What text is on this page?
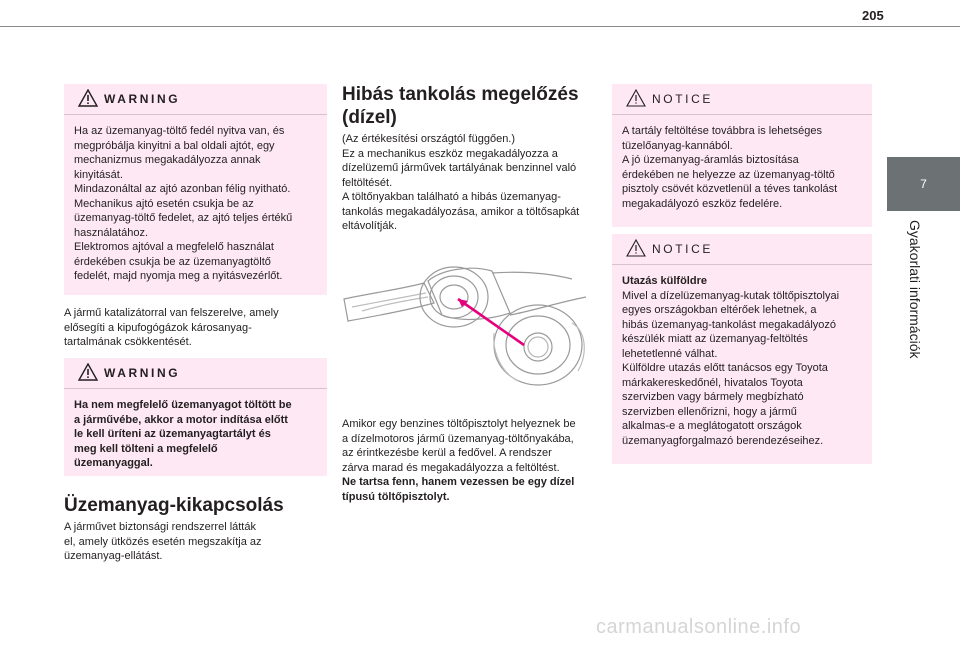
205
7
Gyakorlati információk
WARNING

Ha az üzemanyag-töltő fedél nyitva van, és

megpróbálja kinyitni a bal oldali ajtót, egy

mechanizmus megakadályozza annak

kinyitását.

Mindazonáltal az ajtó azonban félig nyitható.

Mechanikus ajtó esetén csukja be az

üzemanyag-töltő fedelet, az ajtó teljes értékű

használatához.

Elektromos ajtóval a megfelelő használat

érdekében csukja be az üzemanyagtöltő

fedelét, majd nyomja meg a nyitásvezérlőt.

A jármű katalizátorral van felszerelve, amely

elősegíti a kipufogógázok károsanyag-

tartalmának csökkentését.

WARNING

Ha nem megfelelő üzemanyagot töltött be

a járművébe, akkor a motor indítása előtt

le kell üríteni az üzemanyagtartályt és

meg kell tölteni a megfelelő

üzemanyaggal.

Üzemanyag-kikapcsolás

A járművet biztonsági rendszerrel látták

el, amely ütközés esetén megszakítja az

üzemanyag-ellátást.

Hibás tankolás megelőzés
(dízel)

(Az értékesítési országtól függően.)

Ez a mechanikus eszköz megakadályozza a

dízelüzemű járművek tartályának benzinnel való

feltöltését.

A töltőnyakban található a hibás üzemanyag-

tankolás megakadályozása, amikor a töltősapkát

eltávolítják.

Amikor egy benzines töltőpisztolyt helyeznek be

a dízelmotoros jármű üzemanyag-töltőnyakába,

az érintkezésbe kerül a fedővel. A rendszer

zárva marad és megakadályozza a feltöltést.

Ne tartsa fenn, hanem vezessen be egy dízel

típusú töltőpisztolyt.

NOTICE

A tartály feltöltése továbbra is lehetséges

tüzelőanyag-kannából.

A jó üzemanyag-áramlás biztosítása

érdekében ne helyezze az üzemanyag-töltő

pisztoly csövét közvetlenül a téves tankolást

megakadályozó eszköz fedelére.

NOTICE

Utazás külföldre

Mivel a dízelüzemanyag-kutak töltőpisztolyai

egyes országokban eltérőek lehetnek, a

hibás üzemanyag-tankolást megakadályozó

készülék miatt az üzemanyag-feltöltés

lehetetlenné válhat.

Külföldre utazás előtt tanácsos egy Toyota

márkakereskedőnél, hivatalos Toyota

szervizben vagy bármely megbízható

szervizben ellenőrizni, hogy a jármű

alkalmas-e a meglátogatott országok

üzemanyagforgalmazó berendezéseihez.

carmanualsonline.info
